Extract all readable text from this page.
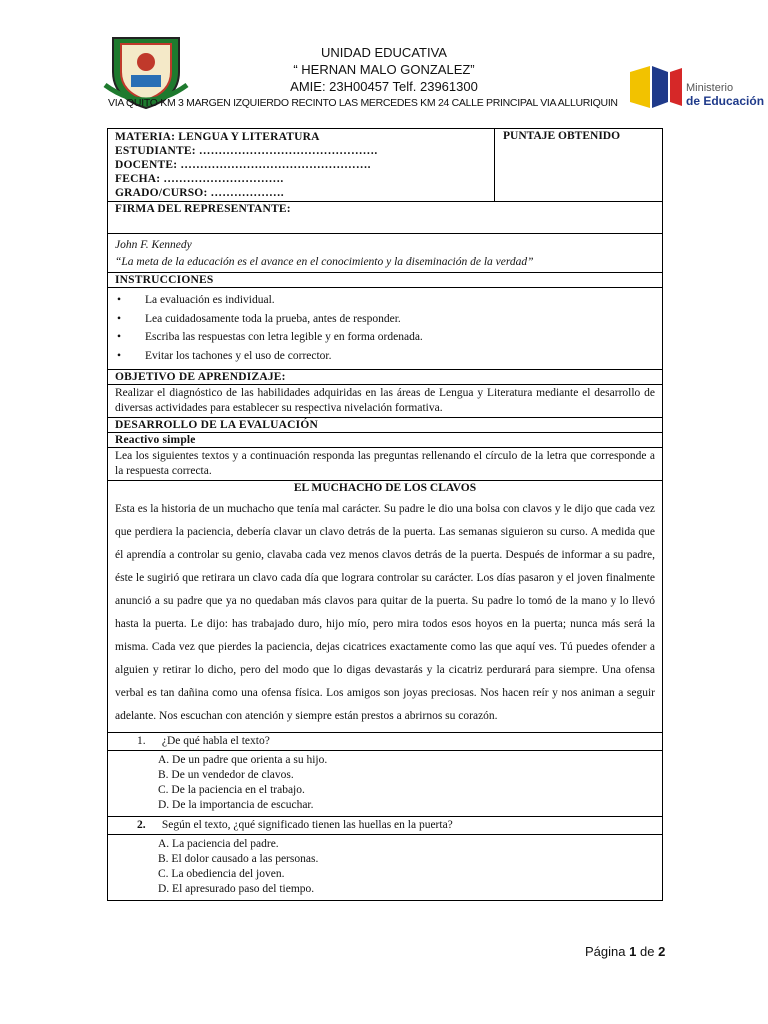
UNIDAD EDUCATIVA
“ HERNAN MALO GONZALEZ”
AMIE: 23H00457 Telf. 23961300
VIA QUITO KM 3 MARGEN IZQUIERDO RECINTO LAS MERCEDES KM 24 CALLE PRINCIPAL VIA ALLURIQUIN
Ministerio
de Educación
MATERIA: LENGUA Y LITERATURA
ESTUDIANTE: ……………………………………….
DOCENTE: ………………………………………….
FECHA: ………………………….
GRADO/CURSO: ……………….
PUNTAJE OBTENIDO
FIRMA DEL REPRESENTANTE:
John F. Kennedy
“La meta de la educación es el avance en el conocimiento y la diseminación de la verdad”
INSTRUCCIONES
•	La evaluación es individual.
•	Lea cuidadosamente toda la prueba, antes de responder.
•	Escriba las respuestas con letra legible y en forma ordenada.
•	Evitar los tachones y el uso de corrector.
OBJETIVO DE APRENDIZAJE:
Realizar el diagnóstico de las habilidades adquiridas en las áreas de Lengua y Literatura mediante el desarrollo de diversas actividades para establecer su respectiva nivelación formativa.
DESARROLLO DE LA EVALUACIÓN
Reactivo simple
Lea los siguientes textos y a continuación responda las preguntas rellenando el círculo de la letra que corresponde a la respuesta correcta.
EL MUCHACHO DE LOS CLAVOS
Esta es la historia de un muchacho que tenía mal carácter. Su padre le dio una bolsa con clavos y le dijo que cada vez que perdiera la paciencia, debería clavar un clavo detrás de la puerta. Las semanas siguieron su curso. A medida que él aprendía a controlar su genio, clavaba cada vez menos clavos detrás de la puerta. Después de informar a su padre, éste le sugirió que retirara un clavo cada día que lograra controlar su carácter. Los días pasaron y el joven finalmente anunció a su padre que ya no quedaban más clavos para quitar de la puerta. Su padre lo tomó de la mano y lo llevó hasta la puerta. Le dijo: has trabajado duro, hijo mío, pero mira todos esos hoyos en la puerta; nunca más será la misma. Cada vez que pierdes la paciencia, dejas cicatrices exactamente como las que aquí ves. Tú puedes ofender a alguien y retirar lo dicho, pero del modo que lo digas devastarás y la cicatriz perdurará para siempre. Una ofensa verbal es tan dañina como una ofensa física. Los amigos son joyas preciosas. Nos hacen reír y nos animan a seguir adelante. Nos escuchan con atención y siempre están prestos a abrirnos su corazón.
1. ¿De qué habla el texto?
A. De un padre que orienta a su hijo.
B. De un vendedor de clavos.
C. De la paciencia en el trabajo.
D. De la importancia de escuchar.
2. Según el texto, ¿qué significado tienen las huellas en la puerta?
A. La paciencia del padre.
B. El dolor causado a las personas.
C. La obediencia del joven.
D. El apresurado paso del tiempo.
Página 1 de 2
